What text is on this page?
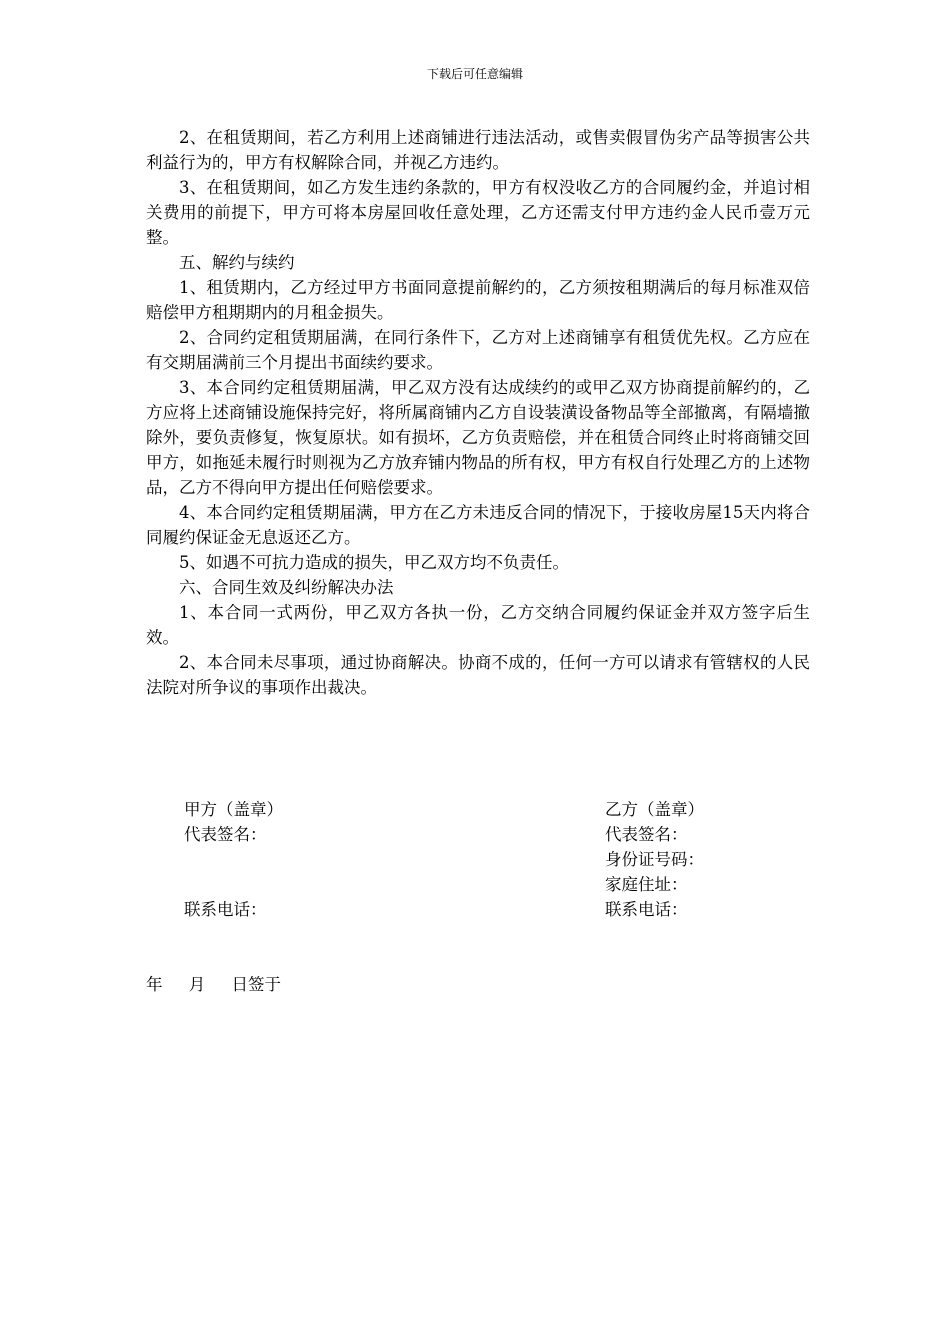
下载后可任意编辑

2、在租赁期间，若乙方利用上述商铺进行违法活动，或售卖假冒伪劣产品等损害公共利益行为的，甲方有权解除合同，并视乙方违约。

3、在租赁期间，如乙方发生违约条款的，甲方有权没收乙方的合同履约金，并追讨相关费用的前提下，甲方可将本房屋回收任意处理，乙方还需支付甲方违约金人民币壹万元整。

五、解约与续约

1、租赁期内，乙方经过甲方书面同意提前解约的，乙方须按租期满后的每月标准双倍赔偿甲方租期期内的月租金损失。

2、合同约定租赁期届满，在同行条件下，乙方对上述商铺享有租赁优先权。乙方应在有交期届满前三个月提出书面续约要求。

3、本合同约定租赁期届满，甲乙双方没有达成续约的或甲乙双方协商提前解约的，乙方应将上述商铺设施保持完好，将所属商铺内乙方自设装潢设备物品等全部撤离，有隔墙撤除外，要负责修复，恢复原状。如有损坏，乙方负责赔偿，并在租赁合同终止时将商铺交回甲方，如拖延未履行时则视为乙方放弃铺内物品的所有权，甲方有权自行处理乙方的上述物品，乙方不得向甲方提出任何赔偿要求。

4、本合同约定租赁期届满，甲方在乙方未违反合同的情况下，于接收房屋15天内将合同履约保证金无息返还乙方。

5、如遇不可抗力造成的损失，甲乙双方均不负责任。

六、合同生效及纠纷解决办法

1、本合同一式两份，甲乙双方各执一份，乙方交纳合同履约保证金并双方签字后生效。

2、本合同未尽事项，通过协商解决。协商不成的，任何一方可以请求有管辖权的人民法院对所争议的事项作出裁决。

甲方（盖章）
代表签名：
联系电话：
乙方（盖章）
代表签名：
身份证号码：
家庭住址：
联系电话：
年     月     日签于
